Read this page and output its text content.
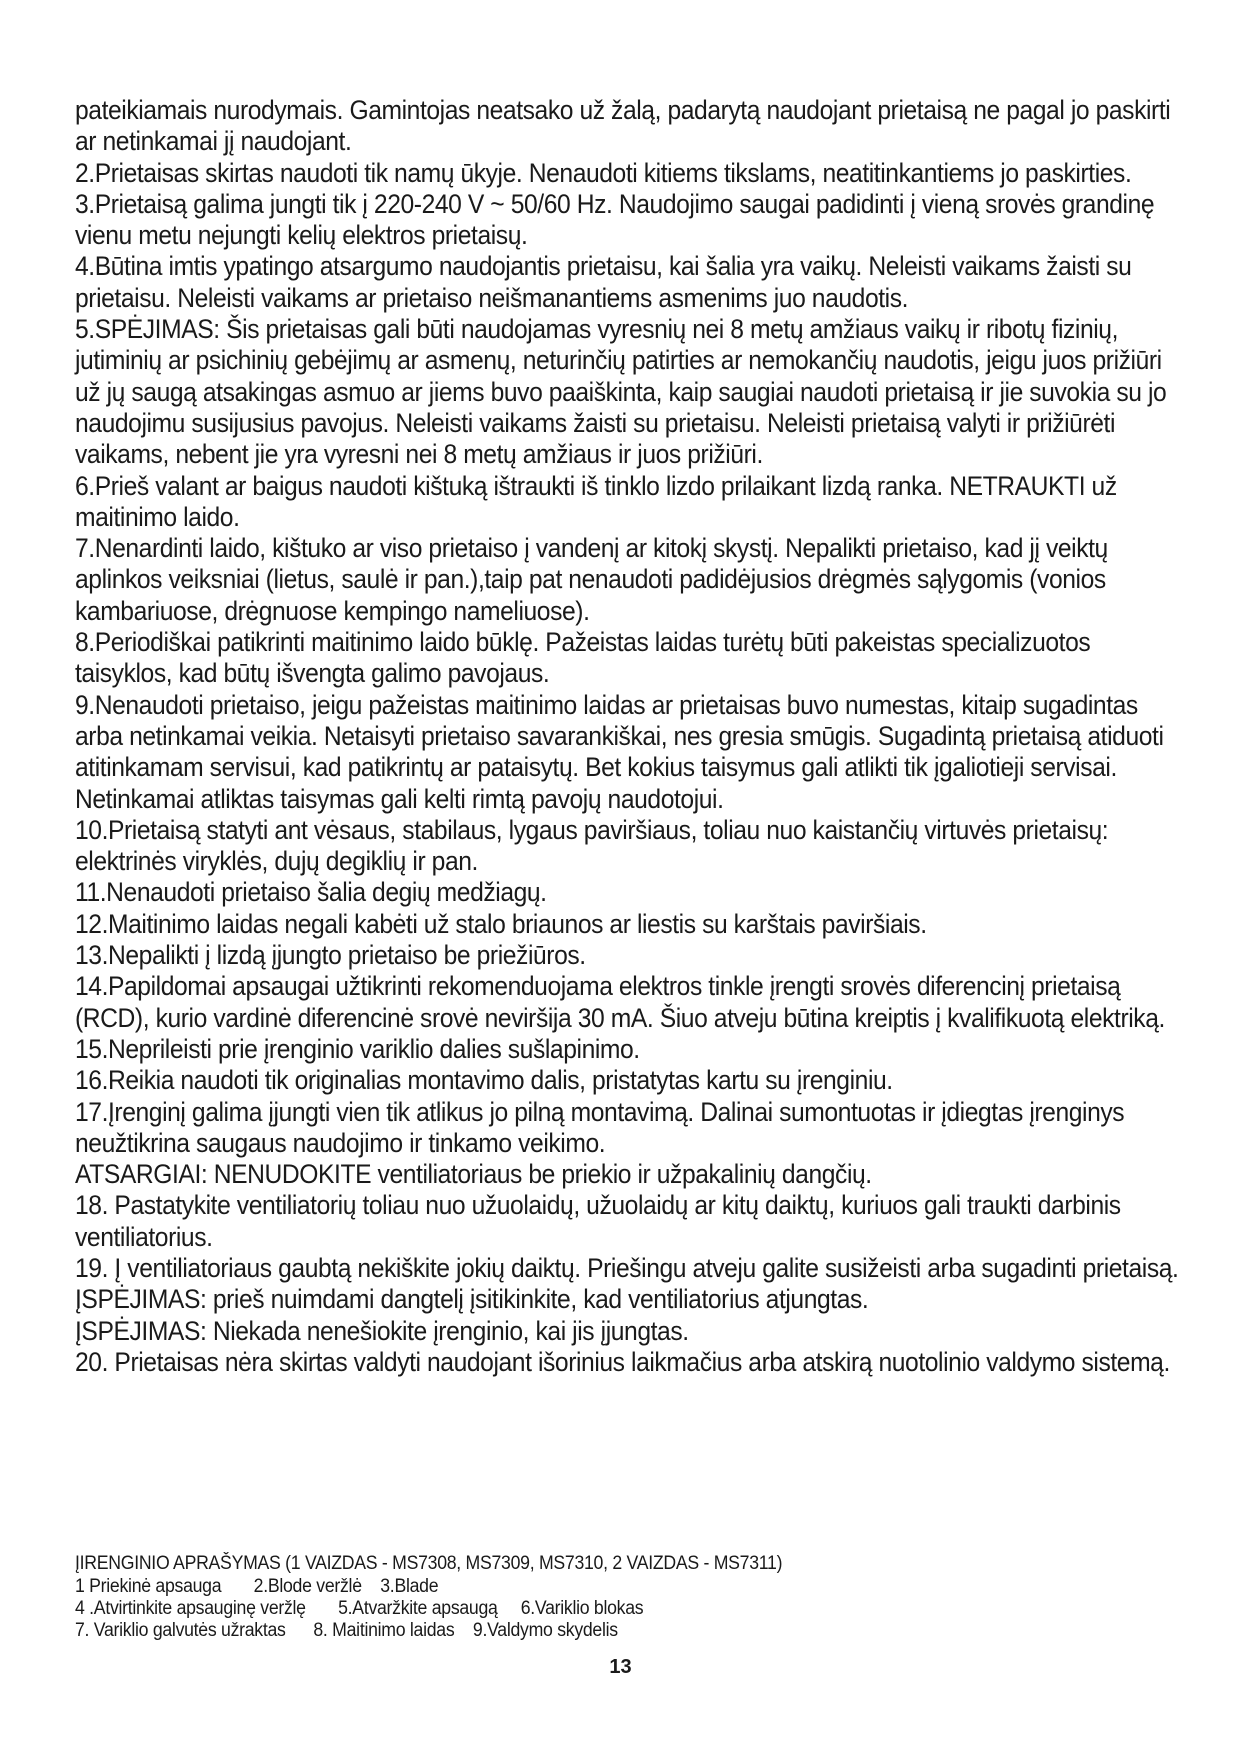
pateikiamais nurodymais. Gamintojas neatsako už žalą, padarytą naudojant prietaisą ne pagal jo paskirti ar netinkamai jį naudojant.

2.Prietaisas skirtas naudoti tik namų ūkyje. Nenaudoti kitiems tikslams, neatitinkantiems jo paskirties.

3.Prietaisą galima jungti tik į 220-240 V ~ 50/60 Hz. Naudojimo saugai padidinti į vieną srovės grandinę vienu metu nejungti kelių elektros prietaisų.

4.Būtina imtis ypatingo atsargumo naudojantis prietaisu, kai šalia yra vaikų. Neleisti vaikams žaisti su prietaisu. Neleisti vaikams ar prietaiso neišmanantiems asmenims juo naudotis.

5.SPĖJIMAS: Šis prietaisas gali būti naudojamas vyresnių nei 8 metų amžiaus vaikų ir ribotų fizinių, jutiminių ar psichinių gebėjimų ar asmenų, neturinčių patirties ar nemokančių naudotis, jeigu juos prižiūri už jų saugą atsakingas asmuo ar jiems buvo paaiškinta, kaip saugiai naudoti prietaisą ir jie suvokia su jo naudojimu susijusius pavojus. Neleisti vaikams žaisti su prietaisu. Neleisti prietaisą valyti ir prižiūrėti vaikams, nebent jie yra vyresni nei 8 metų amžiaus ir juos prižiūri.

6.Prieš valant ar baigus naudoti kištuką ištraukti iš tinklo lizdo prilaikant lizdą ranka. NETRAUKTI už maitinimo laido.

7.Nenardinti laido, kištuko ar viso prietaiso į vandenį ar kitokį skystį. Nepalikti prietaiso, kad jį veiktų aplinkos veiksniai (lietus, saulė ir pan.),taip pat nenaudoti padidėjusios drėgmės sąlygomis (vonios kambariuose, drėgnuose kempingo nameliuose).

8.Periodiškai patikrinti maitinimo laido būklę. Pažeistas laidas turėtų būti pakeistas specializuotos taisyklos, kad būtų išvengta galimo pavojaus.

9.Nenaudoti prietaiso, jeigu pažeistas maitinimo laidas ar prietaisas buvo numestas, kitaip sugadintas arba netinkamai veikia. Netaisyti prietaiso savarankiškai, nes gresia smūgis. Sugadintą prietaisą atiduoti atitinkamam servisui, kad patikrintų ar pataisytų. Bet kokius taisymus gali atlikti tik įgaliotieji servisai. Netinkamai atliktas taisymas gali kelti rimtą pavojų naudotojui.

10.Prietaisą statyti ant vėsaus, stabilaus, lygaus paviršiaus, toliau nuo kaistančių virtuvės prietaisų: elektrinės viryklės, dujų degiklių ir pan.

11.Nenaudoti prietaiso šalia degių medžiagų.

12.Maitinimo laidas negali kabėti už stalo briaunos ar liestis su karštais paviršiais.

13.Nepalikti į lizdą įjungto prietaiso be priežiūros.

14.Papildomai apsaugai užtikrinti rekomenduojama elektros tinkle įrengti srovės diferencinį prietaisą (RCD), kurio vardinė diferencinė srovė neviršija 30 mA. Šiuo atveju būtina kreiptis į kvalifikuotą elektriką.

15.Neprileisti prie įrenginio variklio dalies sušlapinimo.

16.Reikia naudoti tik originalias montavimo dalis, pristatytas kartu su įrenginiu.

17.Įrenginį galima įjungti vien tik atlikus jo pilną montavimą. Dalinai sumontuotas ir įdiegtas įrenginys neužtikrina saugaus naudojimo ir tinkamo veikimo.

ATSARGIAI: NENUDOKITE ventiliatoriaus be priekio ir užpakalinių dangčių.

18. Pastatykite ventiliatorių toliau nuo užuolaidų, užuolaidų ar kitų daiktų, kuriuos gali traukti darbinis ventiliatorius.

19. Į ventiliatoriaus gaubtą nekiškite jokių daiktų. Priešingu atveju galite susižeisti arba sugadinti prietaisą.

ĮSPĖJIMAS: prieš nuimdami dangtelį įsitikinkite, kad ventiliatorius atjungtas.

ĮSPĖJIMAS: Niekada nenešiokite įrenginio, kai jis įjungtas.

20. Prietaisas nėra skirtas valdyti naudojant išorinius laikmačius arba atskirą nuotolinio valdymo sistemą.

ĮIRENGINIO APRAŠYMAS (1 VAIZDAS - MS7308, MS7309, MS7310, 2 VAIZDAS - MS7311)

1 Priekinė apsauga       2.Blode veržlė    3.Blade

4 .Atvirtinkite apsauginę veržlę       5.Atvaržkite apsaugą     6.Variklio blokas

7. Variklio galvutės užraktas      8. Maitinimo laidas    9.Valdymo skydelis

13
